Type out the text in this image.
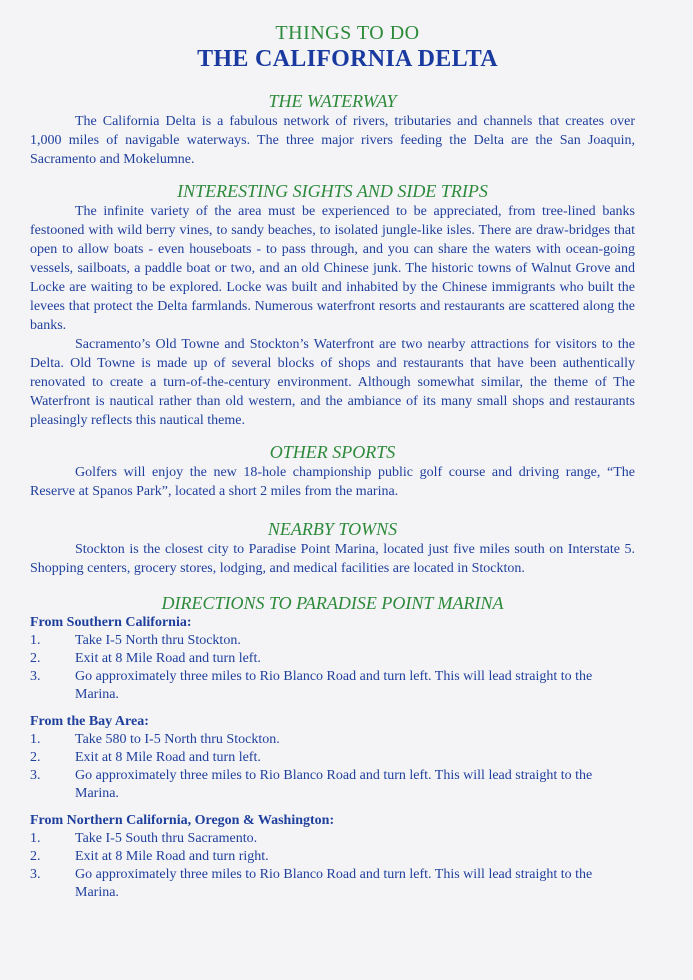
THINGS TO DO
THE CALIFORNIA DELTA
THE WATERWAY

The California Delta is a fabulous network of rivers, tributaries and channels that creates over 1,000 miles of navigable waterways. The three major rivers feeding the Delta are the San Joaquin, Sacramento and Mokelumne.

INTERESTING SIGHTS AND SIDE TRIPS

The infinite variety of the area must be experienced to be appreciated, from tree-lined banks festooned with wild berry vines, to sandy beaches, to isolated jungle-like isles. There are draw-bridges that open to allow boats - even houseboats - to pass through, and you can share the waters with ocean-going vessels, sailboats, a paddle boat or two, and an old Chinese junk. The historic towns of Walnut Grove and Locke are waiting to be explored. Locke was built and inhabited by the Chinese immigrants who built the levees that protect the Delta farmlands. Numerous waterfront resorts and restaurants are scattered along the banks.

Sacramento’s Old Towne and Stockton’s Waterfront are two nearby attractions for visitors to the Delta. Old Towne is made up of several blocks of shops and restaurants that have been authentically renovated to create a turn-of-the-century environment. Although somewhat similar, the theme of The Waterfront is nautical rather than old western, and the ambiance of its many small shops and restaurants pleasingly reflects this nautical theme.

OTHER SPORTS

Golfers will enjoy the new 18-hole championship public golf course and driving range, “The Reserve at Spanos Park”, located a short 2 miles from the marina.

NEARBY TOWNS

Stockton is the closest city to Paradise Point Marina, located just five miles south on Interstate 5. Shopping centers, grocery stores, lodging, and medical facilities are located in Stockton.

DIRECTIONS TO PARADISE POINT MARINA
From Southern California:
1.	Take I-5 North thru Stockton.
2.	Exit at 8 Mile Road and turn left.
3.	Go approximately three miles to Rio Blanco Road and turn left. This will lead straight to the Marina.
From the Bay Area:
1.	Take 580 to I-5 North thru Stockton.
2.	Exit at 8 Mile Road and turn left.
3.	Go approximately three miles to Rio Blanco Road and turn left. This will lead straight to the Marina.
From Northern California, Oregon & Washington:
1.	Take I-5 South thru Sacramento.
2.	Exit at 8 Mile Road and turn right.
3.	Go approximately three miles to Rio Blanco Road and turn left. This will lead straight to the Marina.
